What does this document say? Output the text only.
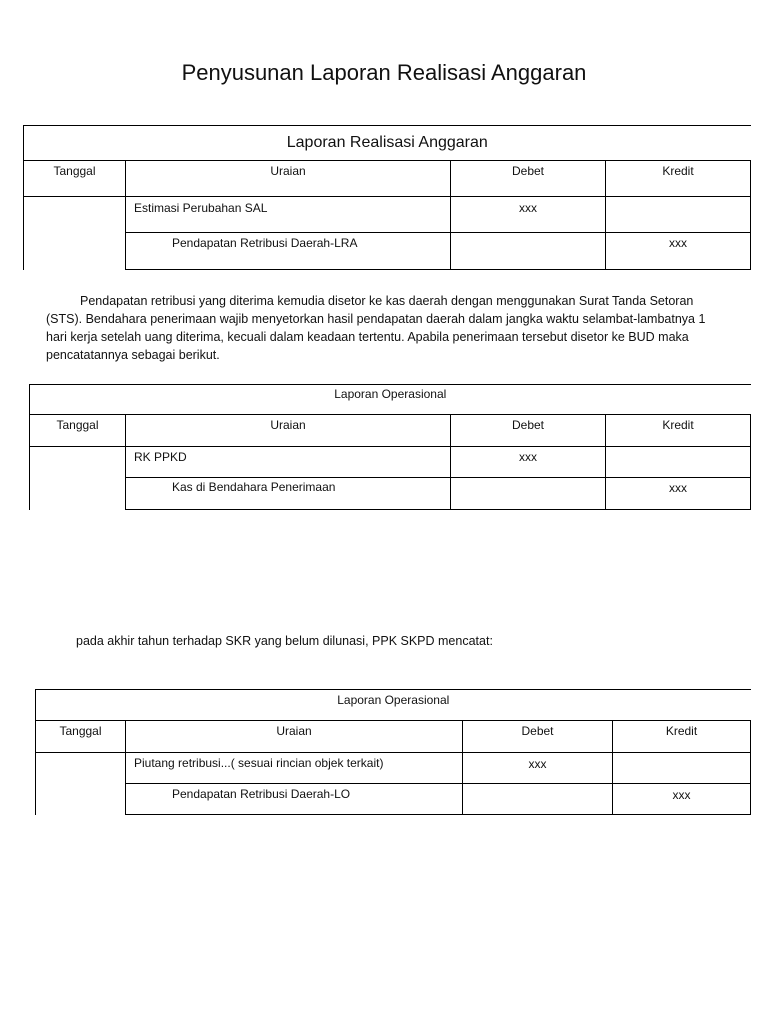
Penyusunan Laporan Realisasi Anggaran
Laporan Realisasi Anggaran			
Tanggal	Uraian	Debet	Kredit
	Estimasi Perubahan SAL	xxx	
	Pendapatan Retribusi Daerah-LRA		xxx

Pendapatan retribusi yang diterima kemudia disetor ke kas daerah dengan menggunakan Surat Tanda Setoran (STS). Bendahara penerimaan wajib menyetorkan hasil pendapatan daerah dalam jangka waktu selambat-lambatnya 1 hari kerja setelah uang diterima, kecuali dalam keadaan tertentu. Apabila penerimaan tersebut disetor ke BUD maka pencatatannya sebagai berikut.

Laporan Operasional			
Tanggal	Uraian	Debet	Kredit
	RK PPKD	xxx	
	Kas di Bendahara Penerimaan		xxx

pada akhir tahun terhadap SKR yang belum dilunasi, PPK SKPD mencatat:

Laporan Operasional			
Tanggal	Uraian	Debet	Kredit
	Piutang retribusi...( sesuai rincian objek terkait)	xxx	
	Pendapatan Retribusi Daerah-LO		xxx
